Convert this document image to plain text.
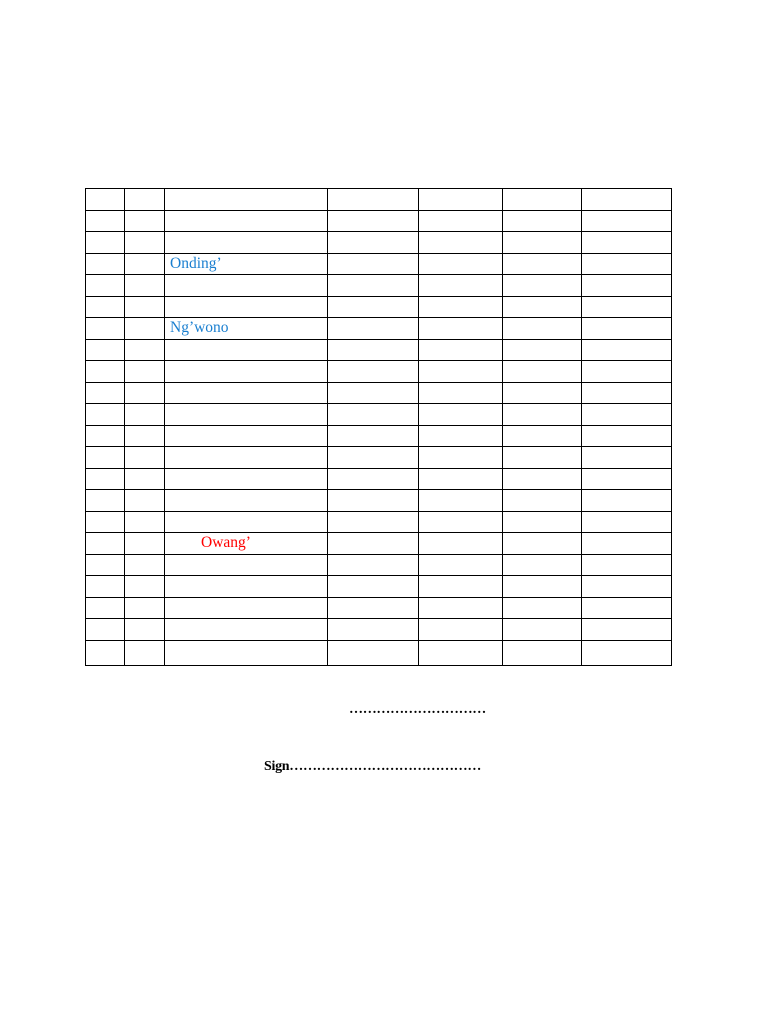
		Onding’				

		Ng’wono				

		Owang’				

…………………………
Sign……………………………………
